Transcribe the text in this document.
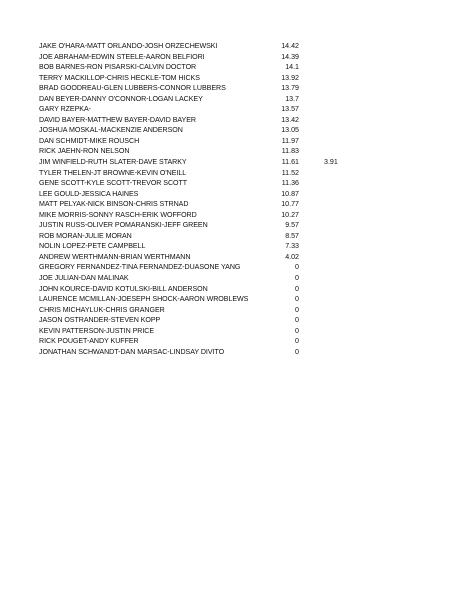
JAKE O'HARA-MATT ORLANDO-JOSH ORZECHEWSKI	14.42
JOE ABRAHAM-EDWIN STEELE-AARON BELFIORI	14.39
BOB BARNES-RON PISARSKI-CALVIN DOCTOR	14.1
TERRY MACKILLOP-CHRIS HECKLE-TOM HICKS	13.92
BRAD GOODREAU-GLEN LUBBERS-CONNOR LUBBERS	13.79
DAN BEYER-DANNY O'CONNOR-LOGAN LACKEY	13.7
GARY RZEPKA-	13.57
DAVID BAYER-MATTHEW BAYER-DAVID BAYER	13.42
JOSHUA MOSKAL-MACKENZIE ANDERSON	13.05
DAN SCHMIDT-MIKE ROUSCH	11.97
RICK JAEHN-RON NELSON	11.83
JIM WINFIELD-RUTH SLATER-DAVE STARKY	11.61	3.91
TYLER THELEN-JT BROWNE-KEVIN O'NEILL	11.52
GENE SCOTT-KYLE SCOTT-TREVOR SCOTT	11.36
LEE GOULD-JESSICA HAINES	10.87
MATT PELYAK-NICK BINSON-CHRIS STRNAD	10.77
MIKE MORRIS-SONNY RASCH-ERIK WOFFORD	10.27
JUSTIN RUSS-OLIVER POMARANSKI-JEFF GREEN	9.57
ROB MORAN-JULIE MORAN	8.57
NOLIN LOPEZ-PETE CAMPBELL	7.33
ANDREW WERTHMANN-BRIAN WERTHMANN	4.02
GREGORY FERNANDEZ-TINA FERNANDEZ-DUASONE YANG	0
JOE JULIAN-DAN MALINAK	0
JOHN KOURCE-DAVID KOTULSKI-BILL ANDERSON	0
LAURENCE MCMILLAN-JOESEPH SHOCK-AARON WROBLEWS	0
CHRIS MICHAYLUK-CHRIS GRANGER	0
JASON OSTRANDER-STEVEN KOPP	0
KEVIN PATTERSON-JUSTIN PRICE	0
RICK POUGET-ANDY KUFFER	0
JONATHAN SCHWANDT-DAN MARSAC-LINDSAY DIVITO	0
